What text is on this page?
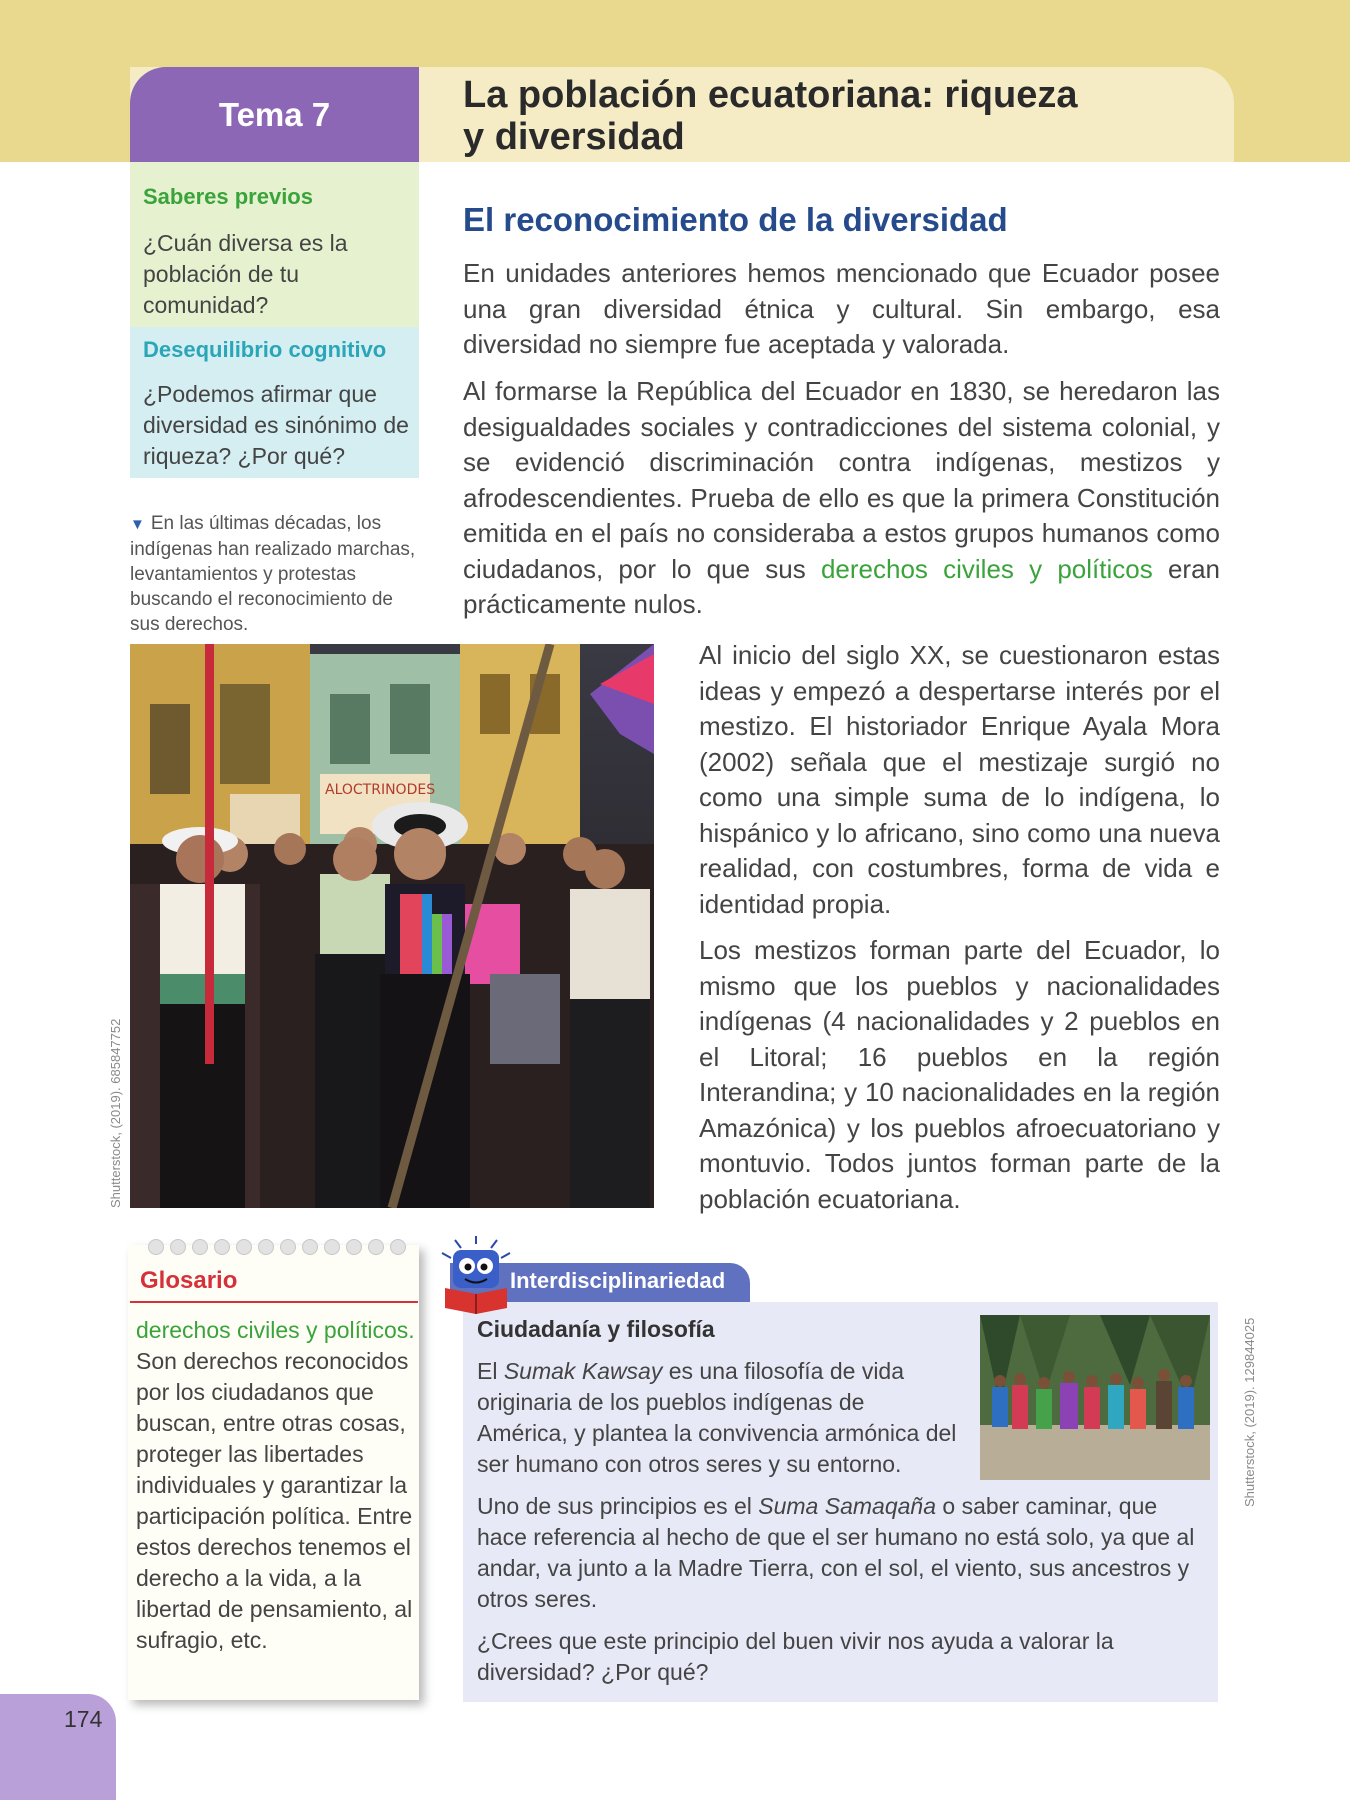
Tema 7	La población ecuatoriana: riqueza
y diversidad
Saberes previos
¿Cuán diversa es la población de tu comunidad?
Desequilibrio cognitivo
¿Podemos afirmar que diversidad es sinónimo de riqueza? ¿Por qué?
▼ En las últimas décadas, los indígenas han realizado marchas, levantamientos y protestas buscando el reconocimiento de sus derechos.
ALOCTRINODES
Shutterstock, (2019). 685847752
El reconocimiento de la diversidad

En unidades anteriores hemos mencionado que Ecuador posee una gran diversidad étnica y cultural. Sin embargo, esa diversidad no siempre fue aceptada y valorada.

Al formarse la República del Ecuador en 1830, se heredaron las desigualdades sociales y contradicciones del sistema colonial, y se evidenció discriminación contra indígenas, mestizos y afrodescendientes. Prueba de ello es que la primera Constitución emitida en el país no consideraba a estos grupos humanos como ciudadanos, por lo que sus derechos civiles y políticos eran prácticamente nulos.

Al inicio del siglo XX, se cuestionaron estas ideas y empezó a despertarse interés por el mestizo. El historiador Enrique Ayala Mora (2002) señala que el mestizaje surgió no como una simple suma de lo indígena, lo hispánico y lo africano, sino como una nueva realidad, con costumbres, forma de vida e identidad propia.

Los mestizos forman parte del Ecuador, lo mismo que los pueblos y nacionalidades indígenas (4 nacionalidades y 2 pueblos en el Litoral; 16 pueblos en la región Interandina; y 10 nacionalidades en la región Amazónica) y los pueblos afroecuatoriano y montuvio. Todos juntos forman parte de la población ecuatoriana.

Glosario
derechos civiles y políticos. Son derechos reconocidos por los ciudadanos que buscan, entre otras cosas, proteger las libertades individuales y garantizar la participación política. Entre estos derechos tenemos el derecho a la vida, a la libertad de pensamiento, al sufragio, etc.
Interdisciplinariedad
Ciudadanía y filosofía

El Sumak Kawsay es una filosofía de vida originaria de los pueblos indígenas de América, y plantea la convivencia armónica del ser humano con otros seres y su entorno.

Uno de sus principios es el Suma Samaqaña o saber caminar, que hace referencia al hecho de que el ser humano no está solo, ya que al andar, va junto a la Madre Tierra, con el sol, el viento, sus ancestros y otros seres.

¿Crees que este principio del buen vivir nos ayuda a valorar la diversidad? ¿Por qué?

Shutterstock, (2019). 129844025
174
